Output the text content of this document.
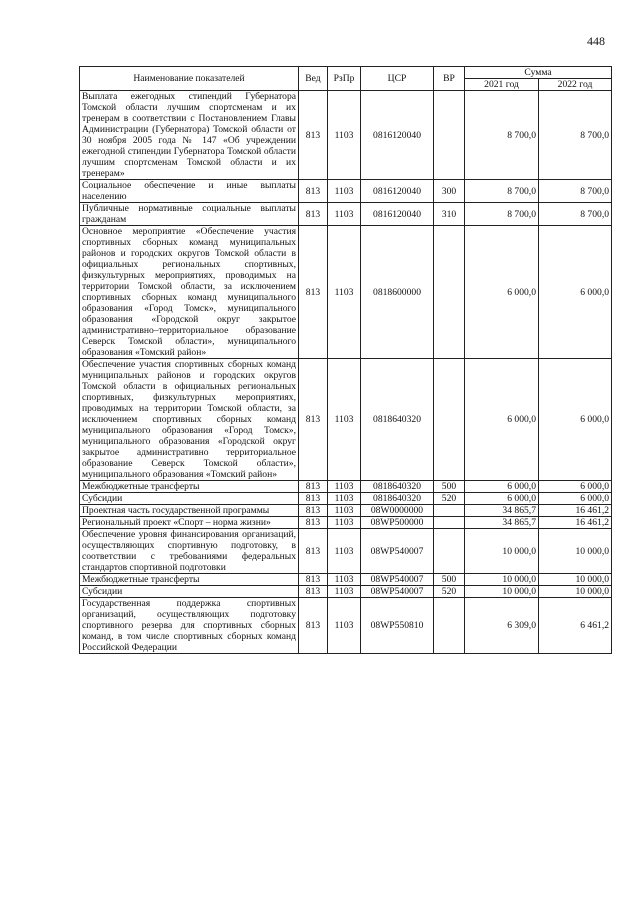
448
Наименование показателей	Вед	РзПр	ЦСР	ВР	Сумма	
					2021 год	2022 год
Выплата ежегодных стипендий Губернатора Томской области лучшим спортсменам и их тренерам в соответствии с Постановлением Главы Администрации (Губернатора) Томской области от 30 ноября 2005 года № 147 «Об учреждении ежегодной стипендии Губернатора Томской области лучшим спортсменам Томской области и их тренерам»	813	1103	0816120040		8 700,0	8 700,0
Социальное обеспечение и иные выплаты населению	813	1103	0816120040	300	8 700,0	8 700,0
Публичные нормативные социальные выплаты гражданам	813	1103	0816120040	310	8 700,0	8 700,0
Основное мероприятие «Обеспечение участия спортивных сборных команд муниципальных районов и городских округов Томской области в официальных региональных спортивных, физкультурных мероприятиях, проводимых на территории Томской области, за исключением спортивных сборных команд муниципального образования «Город Томск», муниципального образования «Городской округ закрытое административно–территориальное образование Северск Томской области», муниципального образования «Томский район»	813	1103	0818600000		6 000,0	6 000,0
Обеспечение участия спортивных сборных команд муниципальных районов и городских округов Томской области в официальных региональных спортивных, физкультурных мероприятиях, проводимых на территории Томской области, за исключением спортивных сборных команд муниципального образования «Город Томск», муниципального образования «Городской округ закрытое административно территориальное образование Северск Томской области», муниципального образования «Томский район»	813	1103	0818640320		6 000,0	6 000,0
Межбюджетные трансферты	813	1103	0818640320	500	6 000,0	6 000,0
Субсидии	813	1103	0818640320	520	6 000,0	6 000,0
Проектная часть государственной программы	813	1103	08W0000000		34 865,7	16 461,2
Региональный проект «Спорт – норма жизни»	813	1103	08WP500000		34 865,7	16 461,2
Обеспечение уровня финансирования организаций, осуществляющих спортивную подготовку, в соответствии с требованиями федеральных стандартов спортивной подготовки	813	1103	08WP540007		10 000,0	10 000,0
Межбюджетные трансферты	813	1103	08WP540007	500	10 000,0	10 000,0
Субсидии	813	1103	08WP540007	520	10 000,0	10 000,0
Государственная поддержка спортивных организаций, осуществляющих подготовку спортивного резерва для спортивных сборных команд, в том числе спортивных сборных команд Российской Федерации	813	1103	08WP550810		6 309,0	6 461,2
